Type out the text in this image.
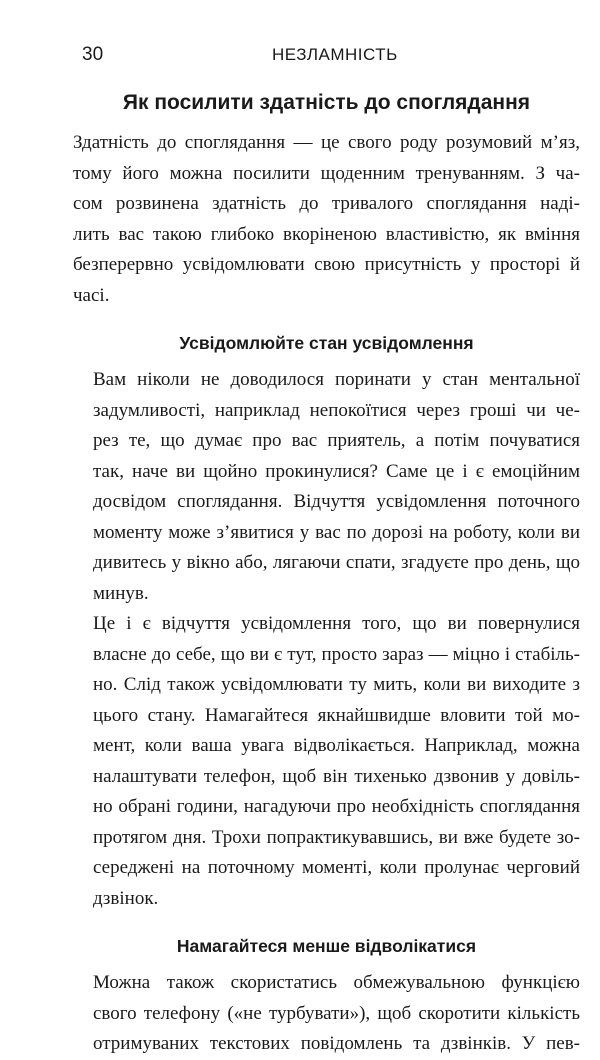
30	НЕЗЛАМНІСТЬ
Як посилити здатність до споглядання

Здатність до споглядання — це свого роду розумовий м’яз,
тому його можна посилити щоденним тренуванням. З ча-
сом розвинена здатність до тривалого споглядання наді-
лить вас такою глибоко вкоріненою властивістю, як вміння
безперервно усвідомлювати свою присутність у просторі й
часі.

Усвідомлюйте стан усвідомлення

Вам ніколи не доводилося поринати у стан ментальної
задумливості, наприклад непокоїтися через гроші чи че-
рез те, що думає про вас приятель, а потім почуватися
так, наче ви щойно прокинулися? Саме це і є емоційним
досвідом споглядання. Відчуття усвідомлення поточного
моменту може з’явитися у вас по дорозі на роботу, коли ви
дивитесь у вікно або, лягаючи спати, згадуєте про день, що
минув.

Це і є відчуття усвідомлення того, що ви повернулися
власне до себе, що ви є тут, просто зараз — міцно і стабіль-
но. Слід також усвідомлювати ту мить, коли ви виходите з
цього стану. Намагайтеся якнайшвидше вловити той мо-
мент, коли ваша увага відволікається. Наприклад, можна
налаштувати телефон, щоб він тихенько дзвонив у довіль-
но обрані години, нагадуючи про необхідність споглядання
протягом дня. Трохи попрактикувавшись, ви вже будете зо-
середжені на поточному моменті, коли пролунає черговий
дзвінок.

Намагайтеся менше відволікатися

Можна також скористатись обмежувальною функцією
свого телефону («не турбувати»), щоб скоротити кількість
отримуваних текстових повідомлень та дзвінків. У пев-
